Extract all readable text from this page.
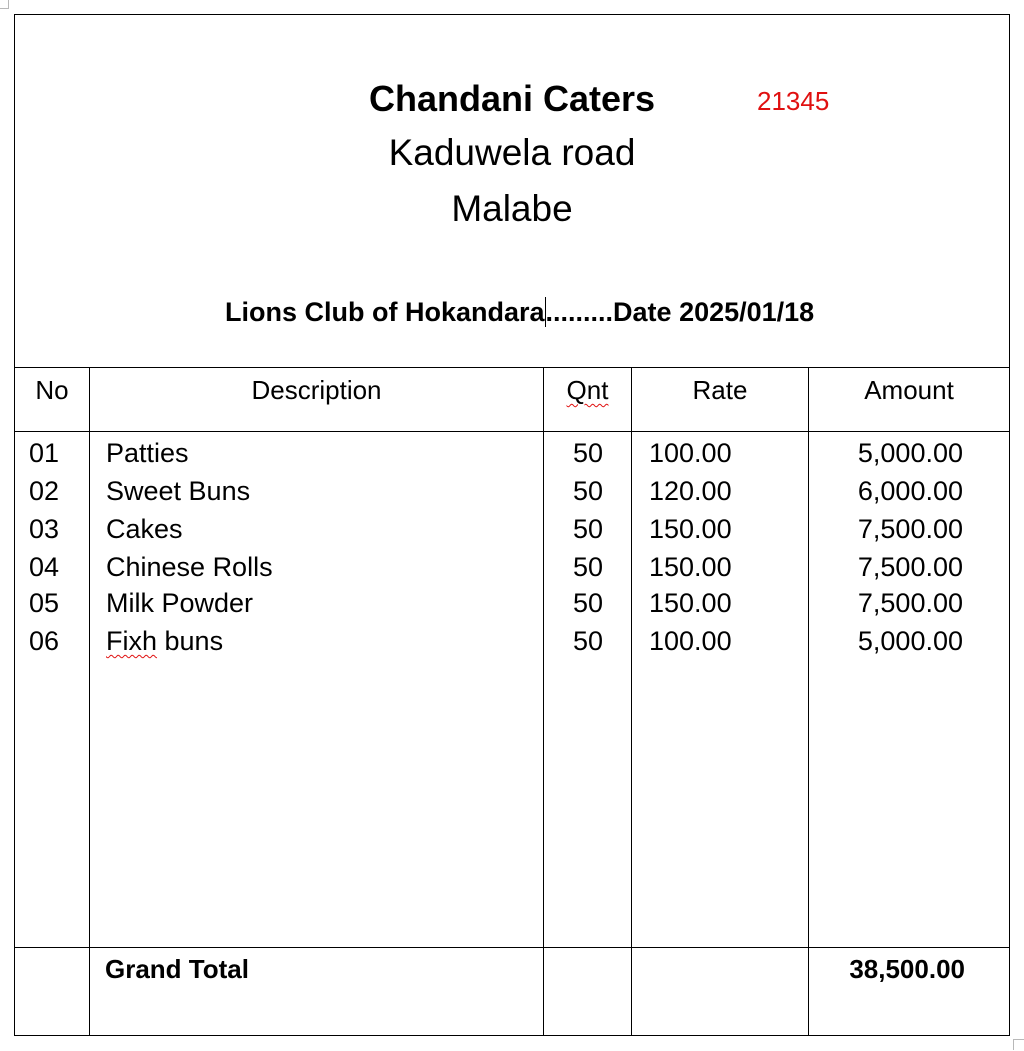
Chandani Caters	21345
Kaduwela road
Malabe
Lions Club of Hokandara.........Date 2025/01/18
No	Description	Qnt	Rate	Amount
01 Patties	50 100.00	5,000.00
02 Sweet Buns	50 120.00	6,000.00
03 Cakes	50 150.00	7,500.00
04 Chinese Rolls	50 150.00	7,500.00
05 Milk Powder	50 150.00	7,500.00
06 Fixh buns	50 100.00	5,000.00
Grand Total	38,500.00
